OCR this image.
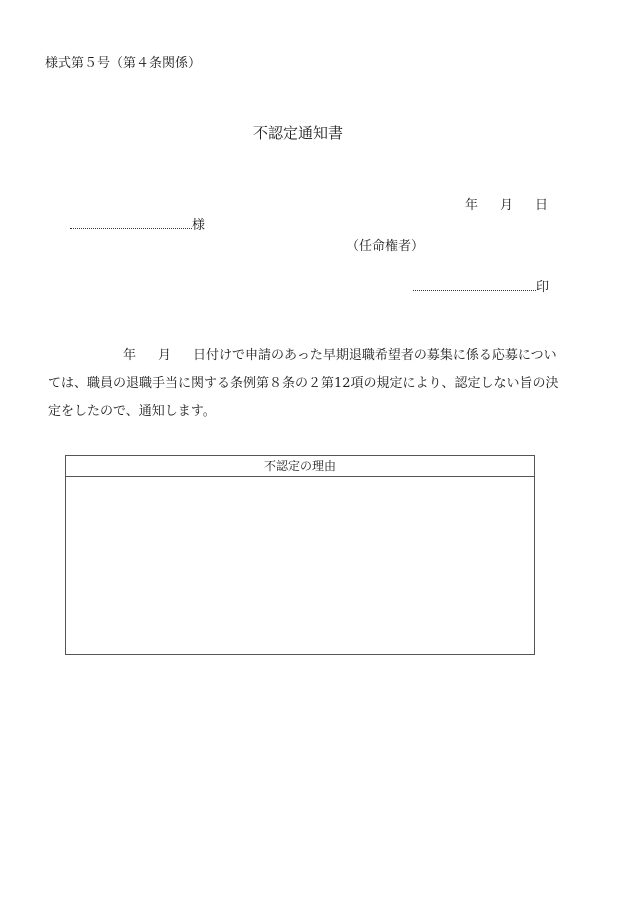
様式第５号（第４条関係）
不認定通知書
年 月 日
様
（任命権者）
印
年 月 日付けで申請のあった早期退職希望者の募集に係る応募については、職員の退職手当に関する条例第８条の２第12項の規定により、認定しない旨の決定をしたので、通知します。
不認定の理由
